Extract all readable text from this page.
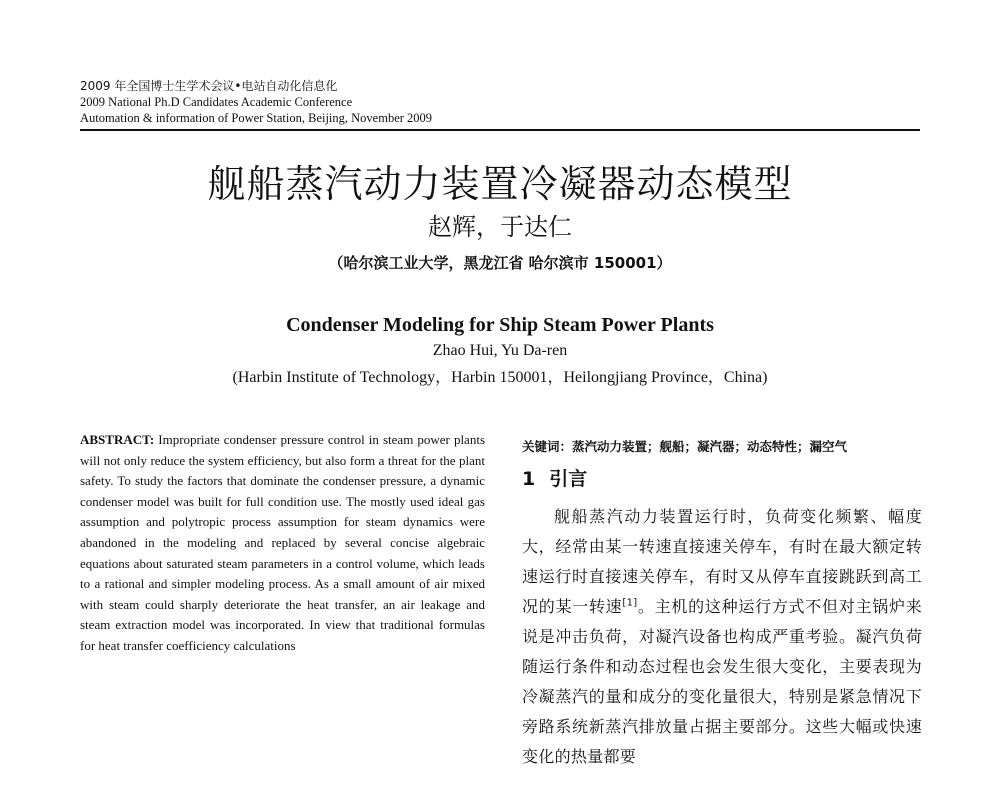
2009 年全国博士生学术会议•电站自动化信息化
2009 National Ph.D Candidates Academic Conference
Automation & information of Power Station, Beijing, November 2009
舰船蒸汽动力装置冷凝器动态模型
赵辉，于达仁
（哈尔滨工业大学，黑龙江省 哈尔滨市 150001）
Condenser Modeling for Ship Steam Power Plants
Zhao Hui, Yu Da-ren
(Harbin Institute of Technology，Harbin 150001，Heilongjiang Province，China)
ABSTRACT: Impropriate condenser pressure control in steam power plants will not only reduce the system efficiency, but also form a threat for the plant safety. To study the factors that dominate the condenser pressure, a dynamic condenser model was built for full condition use. The mostly used ideal gas assumption and polytropic process assumption for steam dynamics were abandoned in the modeling and replaced by several concise algebraic equations about saturated steam parameters in a control volume, which leads to a rational and simpler modeling process. As a small amount of air mixed with steam could sharply deteriorate the heat transfer, an air leakage and steam extraction model was incorporated. In view that traditional formulas for heat transfer coefficiency calculations
关键词：蒸汽动力装置；舰船；凝汽器；动态特性；漏空气
1 引言

舰船蒸汽动力装置运行时，负荷变化频繁、幅度大，经常由某一转速直接速关停车，有时在最大额定转速运行时直接速关停车，有时又从停车直接跳跃到高工况的某一转速[1]。主机的这种运行方式不但对主锅炉来说是冲击负荷，对凝汽设备也构成严重考验。凝汽负荷随运行条件和动态过程也会发生很大变化，主要表现为冷凝蒸汽的量和成分的变化量很大，特别是紧急情况下旁路系统新蒸汽排放量占据主要部分。这些大幅或快速变化的热量都要
